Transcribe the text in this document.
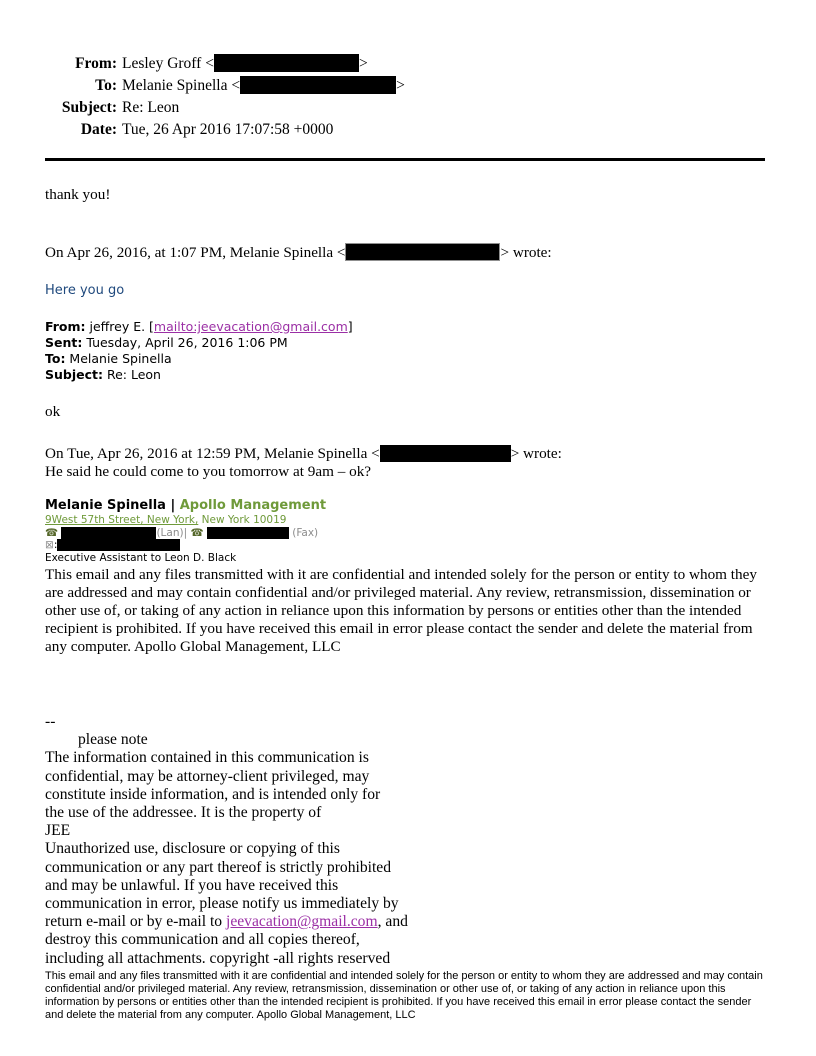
From: Lesley Groff <	>
To: Melanie Spinella <	>
Subject: Re: Leon
Date: Tue, 26 Apr 2016 17:07:58 +0000
thank you!
On Apr 26, 2016, at 1:07 PM, Melanie Spinella <	> wrote:
Here you go
From: jeffrey E. [mailto:jeevacation@gmail.com]
Sent: Tuesday, April 26, 2016 1:06 PM
To: Melanie Spinella
Subject: Re: Leon
ok
On Tue, Apr 26, 2016 at 12:59 PM, Melanie Spinella <	> wrote:
He said he could come to you tomorrow at 9am – ok?
Melanie Spinella | Apollo Management
9West 57th Street, New York, New York 10019
☎	(Lan)| ☎	(Fax)
⊠:
Executive Assistant to Leon D. Black
This email and any files transmitted with it are confidential and intended solely for the person or entity to whom they are addressed and may contain confidential and/or privileged material. Any review, retransmission, dissemination or other use of, or taking of any action in reliance upon this information by persons or entities other than the intended recipient is prohibited. If you have received this email in error please contact the sender and delete the material from any computer. Apollo Global Management, LLC
--
please note
The information contained in this communication is
confidential, may be attorney-client privileged, may
constitute inside information, and is intended only for
the use of the addressee. It is the property of
JEE
Unauthorized use, disclosure or copying of this
communication or any part thereof is strictly prohibited
and may be unlawful. If you have received this
communication in error, please notify us immediately by
return e-mail or by e-mail to jeevacation@gmail.com, and
destroy this communication and all copies thereof,
including all attachments. copyright -all rights reserved
This email and any files transmitted with it are confidential and intended solely for the person or entity to whom they are addressed and may contain confidential and/or privileged material. Any review, retransmission, dissemination or other use of, or taking of any action in reliance upon this information by persons or entities other than the intended recipient is prohibited. If you have received this email in error please contact the sender and delete the material from any computer. Apollo Global Management, LLC
